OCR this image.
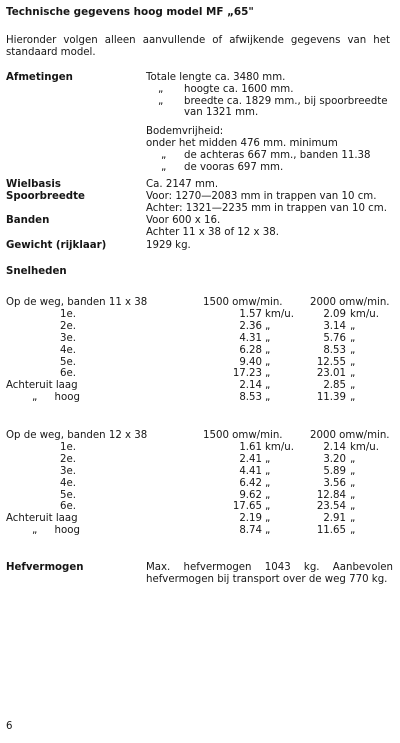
Technische gegevens hoog model MF „65"
Hieronder volgen alleen aanvullende of afwijkende gegevens van het standaard model.
Afmetingen	Totale lengte ca. 3480 mm.
„ hoogte ca. 1600 mm.
„ breedte ca. 1829 mm., bij spoorbreedte
van 1321 mm.
Bodemvrijheid:
onder het midden 476 mm. minimum
„ de achteras 667 mm., banden 11.38
„ de vooras 697 mm.
Wielbasis	Ca. 2147 mm.
Spoorbreedte	Voor: 1270—2083 mm in trappen van 10 cm.
Achter: 1321—2235 mm in trappen van 10 cm.
Banden	Voor 600 x 16.
Achter 11 x 38 of 12 x 38.
Gewicht (rijklaar)	1929 kg.
Snelheden
Op de weg, banden 11 x 38	1500 omw/min.	2000 omw/min.
1e.	1.57 km/u.	2.09 km/u.
2e.	2.36 „	3.14 „
3e.	4.31 „	5.76 „
4e.	6.28 „	8.53 „
5e.	9.40 „	12.55 „
6e.	17.23 „	23.01 „
Achteruit laag	2.14 „	2.85 „
„ hoog	8.53 „	11.39 „
Op de weg, banden 12 x 38	1500 omw/min.	2000 omw/min.
1e.	1.61 km/u.	2.14 km/u.
2e.	2.41 „	3.20 „
3e.	4.41 „	5.89 „
4e.	6.42 „	3.56 „
5e.	9.62 „	12.84 „
6e.	17.65 „	23.54 „
Achteruit laag	2.19 „	2.91 „
„ hoog	8.74 „	11.65 „
Hefvermogen	Max. hefvermogen 1043 kg. Aanbevolen hefvermogen bij transport over de weg 770 kg.
6
